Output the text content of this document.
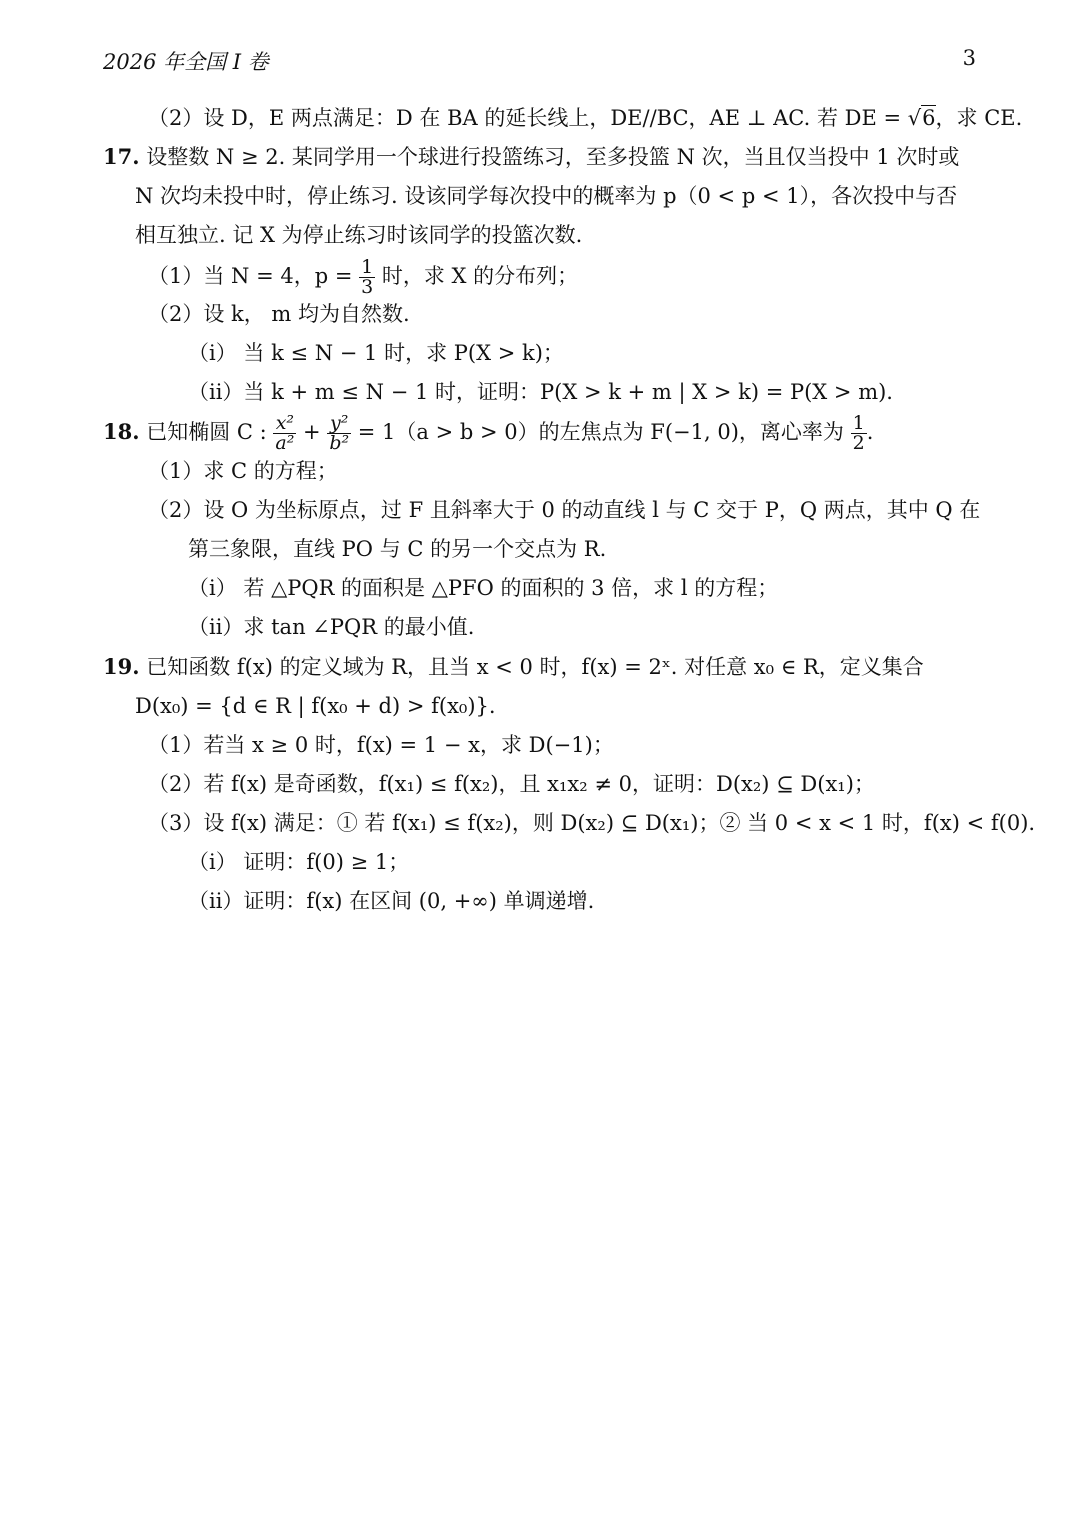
2026 年全国 I 卷	3
（2）设 D，E 两点满足：D 在 BA 的延长线上，DE//BC，AE ⊥ AC. 若 DE = √6，求 CE.
17. 设整数 N ≥ 2. 某同学用一个球进行投篮练习，至多投篮 N 次，当且仅当投中 1 次时或
N 次均未投中时，停止练习. 设该同学每次投中的概率为 p（0 < p < 1），各次投中与否
相互独立. 记 X 为停止练习时该同学的投篮次数.
（1）当 N = 4，$p = \frac{1}{3}$ 时，求 X 的分布列；
（2）设 k， m 均为自然数.
（i） 当 k ≤ N − 1 时，求 P(X > k)；
（ii）当 k + m ≤ N − 1 时，证明：P(X > k + m | X > k) = P(X > m).
18. 已知椭圆 C : $\frac{\text{x²}}{\text{a²}} + \frac{\text{y²}}{\text{b²}} = 1(a > b > 0)$的左焦点为 F(−1, 0)，离心率为 $\frac{1}{2}$ .
（1）求 C 的方程；
（2）设 O 为坐标原点，过 F 且斜率大于 0 的动直线 l 与 C 交于 P，Q 两点，其中 Q 在
第三象限，直线 PO 与 C 的另一个交点为 R.
（i） 若 △PQR 的面积是 △PFO 的面积的 3 倍，求 l 的方程；
（ii）求 tan ∠PQR 的最小值.
19. 已知函数 f(x) 的定义域为 R，且当 x < 0 时，f(x) = 2ˣ. 对任意 x₀ ∈ R，定义集合
D(x₀) = {d ∈ R | f(x₀ + d) > f(x₀)}.
（1）若当 x ≥ 0 时，f(x) = 1 − x，求 D(−1)；
（2）若 f(x) 是奇函数，f(x₁) ≤ f(x₂)，且 x₁x₂ ≠ 0，证明：D(x₂) ⊆ D(x₁)；
（3）设 f(x) 满足：① 若 f(x₁) ≤ f(x₂)，则 D(x₂) ⊆ D(x₁)；② 当 0 < x < 1 时，f(x) < f(0).
（i） 证明：f(0) ≥ 1；
（ii）证明：f(x) 在区间 (0, +∞) 单调递增.
